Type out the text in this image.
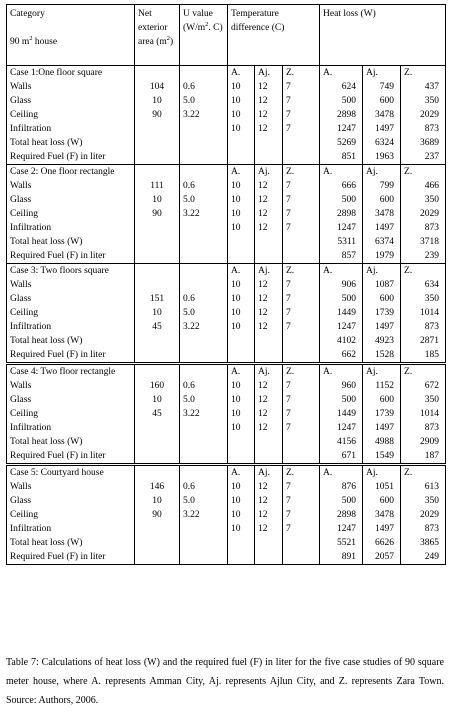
Category
90 $m^2$ house	Net exterior area $(m^2)$	U value ($W/m^2$. C)	Temperature difference (C)			Heat loss (W)		
Case 1:One floor square			A.	Aj.	Z.	A.	Aj.	Z.
Walls	104	0.6	10	12	7	624	749	437
Glass	10	5.0	10	12	7	500	600	350
Ceiling	90	3.22	10	12	7	2898	3478	2029
Infiltration			10	12	7	1247	1497	873
Total heat loss (W)						5269	6324	3689
Required Fuel (F) in liter						851	1963	237
Case 2: One floor rectangle			A.	Aj.	Z.	A.	Aj.	Z.
Walls	111	0.6	10	12	7	666	799	466
Glass	10	5.0	10	12	7	500	600	350
Ceiling	90	3.22	10	12	7	2898	3478	2029
Infiltration			10	12	7	1247	1497	873
Total heat loss (W)						5311	6374	3718
Required Fuel (F) in liter						857	1979	239
Case 3: Two floors square			A.	Aj.	Z.	A.	Aj.	Z.
Walls			10	12	7	906	1087	634
Glass	151	0.6	10	12	7	500	600	350
Ceiling	10	5.0	10	12	7	1449	1739	1014
Infiltration	45	3.22	10	12	7	1247	1497	873
Total heat loss (W)						4102	4923	2871
Required Fuel (F) in liter						662	1528	185
Case 4: Two floor rectangle			A.	Aj.	Z.	A.	Aj.	Z.
Walls	160	0.6	10	12	7	960	1152	672
Glass	10	5.0	10	12	7	500	600	350
Ceiling	45	3.22	10	12	7	1449	1739	1014
Infiltration			10	12	7	1247	1497	873
Total heat loss (W)						4156	4988	2909
Required Fuel (F) in liter						671	1549	187
Case 5: Courtyard house			A.	Aj.	Z.	A.	Aj.	Z.
Walls	146	0.6	10	12	7	876	1051	613
Glass	10	5.0	10	12	7	500	600	350
Ceiling	90	3.22	10	12	7	2898	3478	2029
Infiltration			10	12	7	1247	1497	873
Total heat loss (W)						5521	6626	3865
Required Fuel (F) in liter						891	2057	249

Table 7: Calculations of heat loss (W) and the required fuel (F) in liter for the five case studies of 90 square meter house, where A. represents Amman City, Aj. represents Ajlun City, and Z. represents Zara Town. Source: Authors, 2006.
